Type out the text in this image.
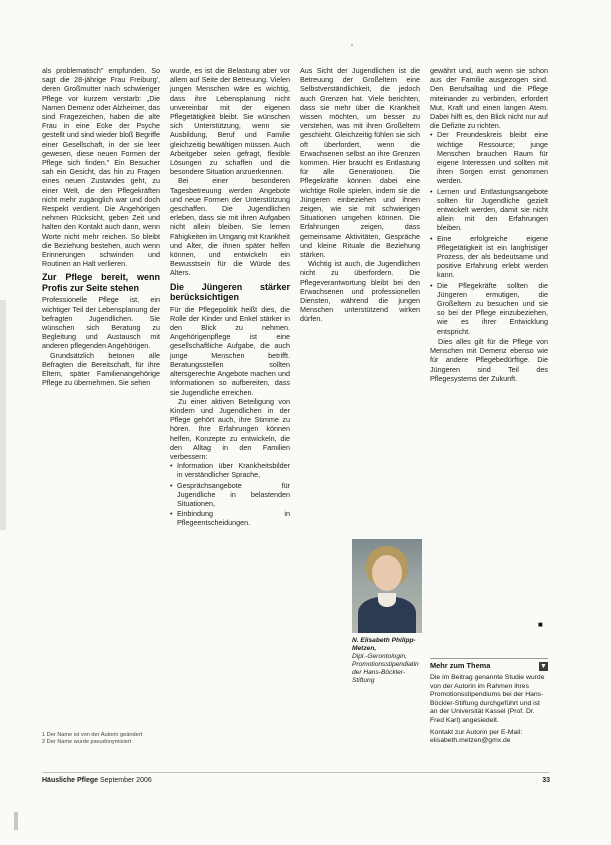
als problematisch" empfunden. So sagt die 28-jährige Frau Freiburg', deren Großmutter nach schwieriger Pflege vor kurzem verstarb: „Die Namen Demenz oder Alzheimer, das sind Fragezeichen, haben die alte Frau in eine Ecke der Psyche gestellt und sind wieder bloß Begriffe einer Gesellschaft, in der sie leer gewesen, diese neuen Formen der Pflege sich finden." Ein Besucher sah ein Gesicht, das hin zu Fragen eines neuen Zustandes geht, zu einer Welt, die den Pflegekräften nicht mehr zugänglich war und doch Respekt verdient. Die Angehörigen nehmen Rücksicht, geben Zeit und halten den Kontakt auch dann, wenn Worte nicht mehr reichen. So bleibt die Beziehung bestehen, auch wenn Erinnerungen schwinden und Routinen an Halt verlieren.

Zur Pflege bereit, wenn Profis zur Seite stehen

Professionelle Pflege ist, ein wichtiger Teil der Lebensplanung der befragten Jugendlichen. Sie wünschen sich Beratung zu Begleitung und Austausch mit anderen pflegenden Angehörigen.

Grundsätzlich betonen alle Befragten die Bereitschaft, für ihre Eltern, später Familienangehörige Pflege zu übernehmen. Sie sehen

1 Der Name ist von der Autorin geändert
2 Der Name wurde pseudonymisiert

wurde, es ist die Belastung aber vor allem auf Seite der Betreuung. Vielen jungen Menschen wäre es wichtig, dass ihre Lebensplanung nicht unvereinbar mit der eigenen Pflegetätigkeit bleibt. Sie wünschen sich Unterstützung, wenn sie Ausbildung, Beruf und Familie gleichzeitig bewältigen müssen. Auch Arbeitgeber seien gefragt, flexible Lösungen zu schaffen und die besondere Situation anzuerkennen.

Bei einer besonderen Tagesbetreuung werden Angebote und neue Formen der Unterstützung geschaffen. Die Jugendlichen erleben, dass sie mit ihren Aufgaben nicht allein bleiben. Sie lernen Fähigkeiten im Umgang mit Krankheit und Alter, die ihnen später helfen können, und entwickeln ein Bewusstsein für die Würde des Alters.

Die Jüngeren stärker berücksichtigen

Für die Pflegepolitik heißt dies, die Rolle der Kinder und Enkel stärker in den Blick zu nehmen. Angehörigenpflege ist eine gesellschaftliche Aufgabe, die auch junge Menschen betrifft. Beratungsstellen sollten altersgerechte Angebote machen und Informationen so aufbereiten, dass sie Jugendliche erreichen.

Zu einer aktiven Beteiligung von Kindern und Jugendlichen in der Pflege gehört auch, ihre Stimme zu hören. Ihre Erfahrungen können helfen, Konzepte zu entwickeln, die den Alltag in den Familien verbessern:

• Information über Krankheitsbilder in verständlicher Sprache,

• Gesprächsangebote für Jugendliche in belastenden Situationen,

• Einbindung in Pflegeentscheidungen.

Aus Sicht der Jugendlichen ist die Betreuung der Großeltern eine Selbstverständlichkeit, die jedoch auch Grenzen hat. Viele berichten, dass sie mehr über die Krankheit wissen möchten, um besser zu verstehen, was mit ihren Großeltern geschieht. Gleichzeitig fühlen sie sich oft überfordert, wenn die Erwachsenen selbst an ihre Grenzen kommen. Hier braucht es Entlastung für alle Generationen. Die Pflegekräfte können dabei eine wichtige Rolle spielen, indem sie die Jüngeren einbeziehen und ihnen zeigen, wie sie mit schwierigen Situationen umgehen können. Die Erfahrungen zeigen, dass gemeinsame Aktivitäten, Gespräche und kleine Rituale die Beziehung stärken.

Wichtig ist auch, die Jugendlichen nicht zu überfordern. Die Pflegeverantwortung bleibt bei den Erwachsenen und professionellen Diensten, während die jungen Menschen unterstützend wirken dürfen.

N. Elisabeth Philipp-Metzen,
Dipl.-Gerontologin, Promotionsstipendiatin der Hans-Böckler-Stiftung

gewährt und, auch wenn sie schon aus der Familie ausgezogen sind. Den Berufsalltag und die Pflege miteinander zu verbinden, erfordert Mut, Kraft und einen langen Atem. Dabei hilft es, den Blick nicht nur auf die Defizite zu richten.

• Der Freundeskreis bleibt eine wichtige Ressource; junge Menschen brauchen Raum für eigene Interessen und sollten mit ihren Sorgen ernst genommen werden.

• Lernen und Entlastungsangebote sollten für Jugendliche gezielt entwickelt werden, damit sie nicht allein mit den Erfahrungen bleiben.

• Eine erfolgreiche eigene Pflegetätigkeit ist ein langfristiger Prozess, der als bedeutsame und positive Erfahrung erlebt werden kann.

• Die Pflegekräfte sollten die Jüngeren ermutigen, die Großeltern zu besuchen und sie so bei der Pflege einzubeziehen, wie es ihrer Entwicklung entspricht.

Dies alles gilt für die Pflege von Menschen mit Demenz ebenso wie für andere Pflegebedürftige. Die Jüngeren sind Teil des Pflegesystems der Zukunft.

■
Mehr zum Thema	▼

Die im Beitrag genannte Studie wurde von der Autorin im Rahmen ihres Promotionsstipendiums bei der Hans-Böckler-Stiftung durchgeführt und ist an der Universität Kassel (Prof. Dr. Fred Karl) angesiedelt.

Kontakt zur Autorin per E-Mail: elisabeth.metzen@gmx.de

Häusliche Pflege September 2006	33
